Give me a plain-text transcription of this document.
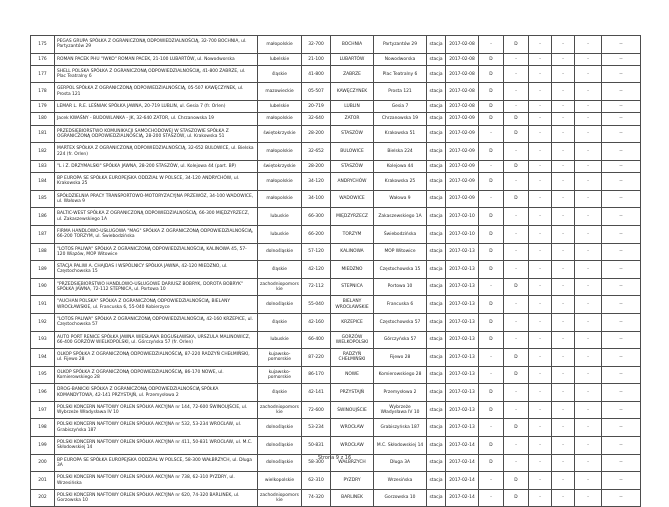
175	PEGAS GRUPA SPÓŁKA Z OGRANICZONĄ ODPOWIEDZIALNOŚCIĄ, 32-700 BOCHNIA, ul. Partyzantów 29	małopolskie	32-700	BOCHNIA	Partyzantów 29	stacja	2017-02-08	-	D	-	-	-	--
176	ROMAN PACEK PHU "IWKO" ROMAN PACEK, 21-100 LUBARTÓW, ul. Nowodworska	lubelskie	21-100	LUBARTÓW	Nowodworska	stacja	2017-02-08	D	-	-	-	-	--
177	SHELL POLSKA SPÓŁKA Z OGRANICZONĄ ODPOWIEDZIALNOŚCIĄ, 41-800 ZABRZE, ul. Plac Teatralny 6	śląskie	41-800	ZABRZE	Plac Teatralny 6	stacja	2017-02-08	D	-	-	-	-	--
178	GERPOL SPÓŁKA Z OGRANICZONĄ ODPOWIEDZIALNOŚCIĄ, 05-507 KAWĘCZYNEK, ul. Prosta 121	mazowieckie	05-507	KAWĘCZYNEK	Prosta 121	stacja	2017-02-08	D	-	-	-	-	--
179	LEMAR L. R.E. LEŚNIAK SPÓŁKA JAWNA, 20-719 LUBLIN, ul. Gesia 7 (fr. Orlen)	lubelskie	20-719	LUBLIN	Gesia 7	stacja	2017-02-08	D	-	-	-	-	--
180	Jacek KWAŚNY - BUDOWLANKA - JK, 32-640 ZATOR, ul. Chrzanowska 19	małopolskie	32-640	ZATOR	Chrzanowska 19	stacja	2017-02-09	D	D	-	-	-	--
181	PRZEDSIĘBIORSTWO KOMUNIKACJI SAMOCHODOWEJ W STASZOWIE SPÓŁKA Z OGRANICZONĄ ODPOWIEDZIALNOŚCIĄ, 28-200 STASZÓW, ul. Krakowska 51	świętokrzyskie	28-200	STASZÓW	Krakowska 51	stacja	2017-02-09	-	D	-	-	-	--
182	MARTEX SPÓŁKA Z OGRANICZONĄ ODPOWIEDZIALNOŚCIĄ, 32-652 BULOWICE, ul. Bielska 224 (fr. Orlen)	małopolskie	32-652	BULOWICE	Bielska 224	stacja	2017-02-09	D	-	-	-	-	--
183	"L i Z. DRZYMALSKI" SPÓŁKA JAWNA, 28-200 STASZÓW, ul. Kolejowa 44 (part. BP)	świętokrzyskie	28-200	STASZÓW	Kolejowa 44	stacja	2017-02-09	-	D	-	-	-	--
184	BP EUROPA SE SPÓŁKA EUROPEJSKA ODDZIAŁ W POLSCE, 34-120 ANDRYCHÓW, ul. Krakowska 25	małopolskie	34-120	ANDRYCHÓW	Krakowska 25	stacja	2017-02-09	D	-	-	-	-	--
185	SPÓŁDZIELNIA PRACY TRANSPORTOWO-MOTORYZACYJNA PRZEWÓZ, 34-100 WADOWICE, ul. Wałowa 9	małopolskie	34-100	WADOWICE	Wałowa 9	stacja	2017-02-09	-	D	-	-	-	--
186	BALTIC-WEST SPÓŁKA Z OGRANICZONĄ ODPOWIEDZIALNOŚCIĄ, 66-300 MIĘDZYRZECZ, ul. Zakaszewskiego 1A	lubuskie	66-300	MIĘDZYRZECZ	Zakaszewskiego 1A	stacja	2017-02-10	D	-	-	-	-	--
187	FIRMA HANDLOWO-USŁUGOWA "MAG" SPÓŁKA Z OGRANICZONĄ ODPOWIEDZIALNOŚCIĄ, 66-200 TORZYM, ul. Świebodzińska	lubuskie	66-200	TORZYM	Świebodzińska	stacja	2017-02-10	D	-	-	-	-	--
188	"LOTOS PALIWA" SPÓŁKA Z OGRANICZONĄ ODPOWIEDZIALNOŚCIĄ, KALINOWA 45, 57-120 Wiązów, MOP Witowice	dolnośląskie	57-120	KALINOWA	MOP Witowice	stacja	2017-02-13	D	-	-	-	-	--
189	STACJA PALIW A. CHAJDAS I WSPÓLNICY SPÓŁKA JAWNA, 42-120 MIEDZNO, ul. Częstochowska 15	śląskie	42-120	MIEDZNO	Częstochowska 15	stacja	2017-02-13	D	-	-	-	-	--
190	"PRZEDSIĘBIORSTWO HANDLOWO-USŁUGOWE DARIUSZ BOBRYK, DOROTA BOBRYK" SPÓŁKA JAWNA, 72-112 STEPNICA, ul. Portowa 10	zachodniopomorskie	72-112	STEPNICA	Portowa 10	stacja	2017-02-13	-	D	-	-	-	--
191	"AUCHAN POLSKA" SPÓŁKA Z OGRANICZONĄ ODPOWIEDZIALNOŚCIĄ, BIELANY WROCŁAWSKIE, ul. Francuska 6, 55-040 Kobierzyce	dolnośląskie	55-040	BIELANY WROCŁAWSKIE	Francuska 6	stacja	2017-02-13	D	-	-	-	-	--
192	"LOTOS PALIWA" SPÓŁKA Z OGRANICZONĄ ODPOWIEDZIALNOŚCIĄ, 42-160 KRZEPICE, ul. Częstochowska 57	śląskie	42-160	KRZEPICE	Częstochowska 57	stacja	2017-02-13	D	-	-	-	-	--
193	AUTO PORT RENICE SPÓŁKA JAWNA WIESŁAWA BOGUSŁAWSKA, URSZULA MALINOWICZ, 66-400 GORZÓW WIELKOPOLSKI, ul. Górczyńska 57 (fr. Orlen)	lubuskie	66-400	GORZÓW WIELKOPOLSKI	Górczyńska 57	stacja	2017-02-13	D	-	-	-	-	--
194	OLKOP SPÓŁKA Z OGRANICZONĄ ODPOWIEDZIALNOŚCIĄ, 87-220 RADZYŃ CHEŁMIŃSKI, ul. Fijewo 28	kujawsko-pomorskie	87-220	RADZYŃ CHEŁMIŃSKI	Fijewo 28	stacja	2017-02-13	-	D	-	-	-	--
195	OLKOP SPÓŁKA Z OGRANICZONĄ ODPOWIEDZIALNOŚCIĄ, 86-170 NOWE, ul. Komierowskiego 28	kujawsko-pomorskie	86-170	NOWE	Komierowskiego 28	stacja	2017-02-13	-	D	-	-	-	--
196	DROG-BANICKI SPÓŁKA Z OGRANICZONĄ ODPOWIEDZIALNOŚCIĄ SPÓŁKA KOMANDYTOWA, 42-141 PRZYSTAJŃ, ul. Przemysłowa 2	śląskie	42-141	PRZYSTAJŃ	Przemysłowa 2	stacja	2017-02-13	D	-	-	-	-	--
197	POLSKI KONCERN NAFTOWY ORLEN SPÓŁKA AKCYJNA nr 144, 72-600 ŚWINOUJŚCIE, ul. Wybrzeże Władysława IV 10	zachodniopomorskie	72-600	ŚWINOUJŚCIE	Wybrzeże Władysława IV 10	stacja	2017-02-13	D	-	-	-	-	--
198	POLSKI KONCERN NAFTOWY ORLEN SPÓŁKA AKCYJNA nr 532, 53-234 WROCŁAW, ul. Grabiszyńska 187	dolnośląskie	53-234	WROCŁAW	Grabiszyńska 187	stacja	2017-02-13	-	D	-	-	-	--
199	POLSKI KONCERN NAFTOWY ORLEN SPÓŁKA AKCYJNA nr 411, 50-831 WROCŁAW, ul. M.C. Skłodowskiej 14	dolnośląskie	50-831	WROCŁAW	M.C. Skłodowskiej 14	stacja	2017-02-14	D	-	-	-	-	--
200	BP EUROPA SE SPÓŁKA EUROPEJSKA ODDZIAŁ W POLSCE, 58-300 WAŁBRZYCH, ul. Długa 3A	dolnośląskie	58-300	WAŁBRZYCH	Długa 3A	stacja	2017-02-14	D	-	-	-	-	--
201	POLSKI KONCERN NAFTOWY ORLEN SPÓŁKA AKCYJNA nr 738, 62-310 PYZDRY, ul. Wrzesińska	wielkopolskie	62-310	PYZDRY	Wrzesińska	stacja	2017-02-14	-	D	-	-	-	--
202	POLSKI KONCERN NAFTOWY ORLEN SPÓŁKA AKCYJNA nr 620, 74-320 BARLINEK, ul. Gorzowska 10	zachodniopomorskie	74-320	BARLINEK	Gorzowska 10	stacja	2017-02-14	-	D	-	-	-	--
Strona 9 z 16
